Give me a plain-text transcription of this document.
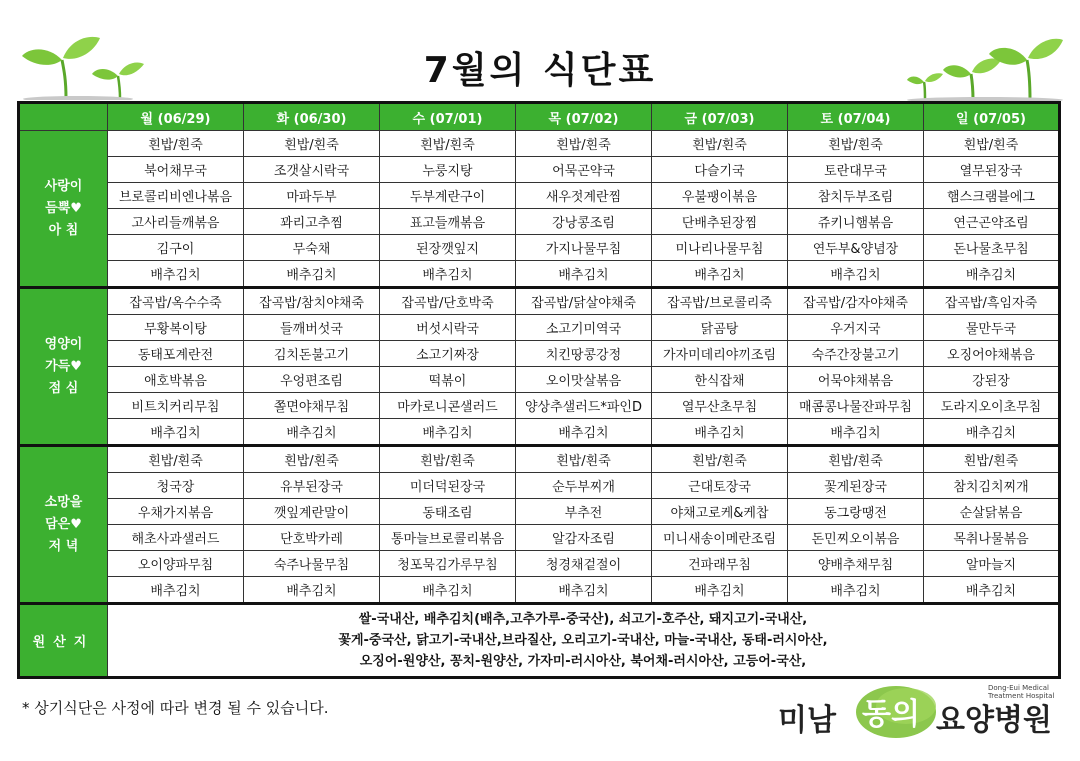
7월의 식단표
	월 (06/29)	화 (06/30)	수 (07/01)	목 (07/02)	금 (07/03)	토 (07/04)	일 (07/05)

사랑이
듬뿍♥
아 침	흰밥/흰죽	흰밥/흰죽	흰밥/흰죽	흰밥/흰죽	흰밥/흰죽	흰밥/흰죽	흰밥/흰죽
	북어채무국	조갯살시락국	누룽지탕	어묵곤약국	다슬기국	토란대무국	열무된장국
	브로콜리비엔나볶음	마파두부	두부계란구이	새우젓계란찜	우불팽이볶음	참치두부조림	햄스크램블에그
	고사리들깨볶음	꽈리고추찜	표고들깨볶음	강낭콩조림	단배추된장찜	쥬키니햄볶음	연근곤약조림
	김구이	무숙채	된장깻잎지	가지나물무침	미나리나물무침	연두부&양념장	돈나물초무침
	배추김치	배추김치	배추김치	배추김치	배추김치	배추김치	배추김치

영양이
가득♥
점 심	잡곡밥/옥수수죽	잡곡밥/참치야채죽	잡곡밥/단호박죽	잡곡밥/닭살야채죽	잡곡밥/브로콜리죽	잡곡밥/감자야채죽	잡곡밥/흑임자죽
	무황복이탕	들깨버섯국	버섯시락국	소고기미역국	닭곰탕	우거지국	물만두국
	동태포계란전	김치돈불고기	소고기짜장	치킨땅콩강정	가자미데리야끼조림	숙주간장불고기	오징어야채볶음
	애호박볶음	우엉편조림	떡볶이	오이맛살볶음	한식잡채	어묵야채볶음	강된장
	비트치커리무침	쫄면야채무침	마카로니콘샐러드	양상추샐러드*파인D	열무산초무침	매콤콩나물잔파무침	도라지오이초무침
	배추김치	배추김치	배추김치	배추김치	배추김치	배추김치	배추김치

소망을
담은♥
저 녁	흰밥/흰죽	흰밥/흰죽	흰밥/흰죽	흰밥/흰죽	흰밥/흰죽	흰밥/흰죽	흰밥/흰죽
	청국장	유부된장국	미더덕된장국	순두부찌개	근대토장국	꽃게된장국	참치김치찌개
	우채가지볶음	깻잎계란말이	동태조림	부추전	야채고로케&케찹	동그랑땡전	순살닭볶음
	해초사과샐러드	단호박카레	통마늘브로콜리볶음	알감자조림	미니새송이메란조림	돈민찌오이볶음	목취나물볶음
	오이양파무침	숙주나물무침	청포묵김가루무침	청경채겉절이	건파래무침	양배추채무침	알마늘지
	배추김치	배추김치	배추김치	배추김치	배추김치	배추김치	배추김치
원산지	쌀-국내산, 배추김치(배추,고추가루-중국산), 쇠고기-호주산, 돼지고기-국내산,
꽃게-중국산, 닭고기-국내산,브라질산, 오리고기-국내산, 마늘-국내산, 동태-러시아산,
오징어-원양산, 꽁치-원양산, 가자미-러시아산, 북어채-러시아산, 고등어-국산,						
* 상기식단은 사정에 따라 변경 될 수 있습니다.	미남 동의 요양병원
Dong-Eui Medical
Treatment Hospital
